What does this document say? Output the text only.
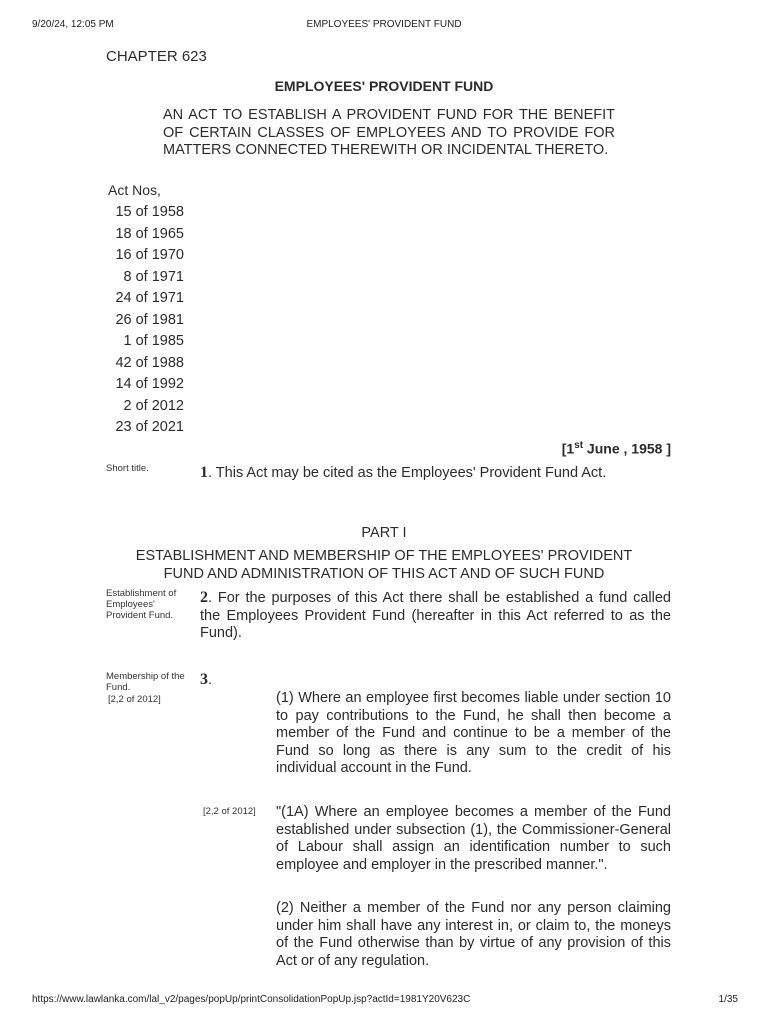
9/20/24, 12:05 PM	EMPLOYEES' PROVIDENT FUND
CHAPTER 623
EMPLOYEES' PROVIDENT FUND
AN ACT TO ESTABLISH A PROVIDENT FUND FOR THE BENEFIT OF CERTAIN CLASSES OF EMPLOYEES AND TO PROVIDE FOR MATTERS CONNECTED THEREWITH OR INCIDENTAL THERETO.
Act Nos,
15 of 1958
18 of 1965
16 of 1970
8 of 1971
24 of 1971
26 of 1981
1 of 1985
42 of 1988
14 of 1992
2 of 2012
23 of 2021
[1st June , 1958 ]
Short title.	1. This Act may be cited as the Employees' Provident Fund Act.
PART I
ESTABLISHMENT AND MEMBERSHIP OF THE EMPLOYEES' PROVIDENT FUND AND ADMINISTRATION OF THIS ACT AND OF SUCH FUND
Establishment of Employees' Provident Fund.
2. For the purposes of this Act there shall be established a fund called the Employees Provident Fund (hereafter in this Act referred to as the Fund).
Membership of the Fund.
[2,2 of 2012]
3.
(1) Where an employee first becomes liable under section 10 to pay contributions to the Fund, he shall then become a member of the Fund and continue to be a member of the Fund so long as there is any sum to the credit of his individual account in the Fund.
[2,2 of 2012] "(1A) Where an employee becomes a member of the Fund established under subsection (1), the Commissioner-General of Labour shall assign an identification number to such employee and employer in the prescribed manner.".
(2) Neither a member of the Fund nor any person claiming under him shall have any interest in, or claim to, the moneys of the Fund otherwise than by virtue of any provision of this Act or of any regulation.
https://www.lawlanka.com/lal_v2/pages/popUp/printConsolidationPopUp.jsp?actId=1981Y20V623C	1/35
